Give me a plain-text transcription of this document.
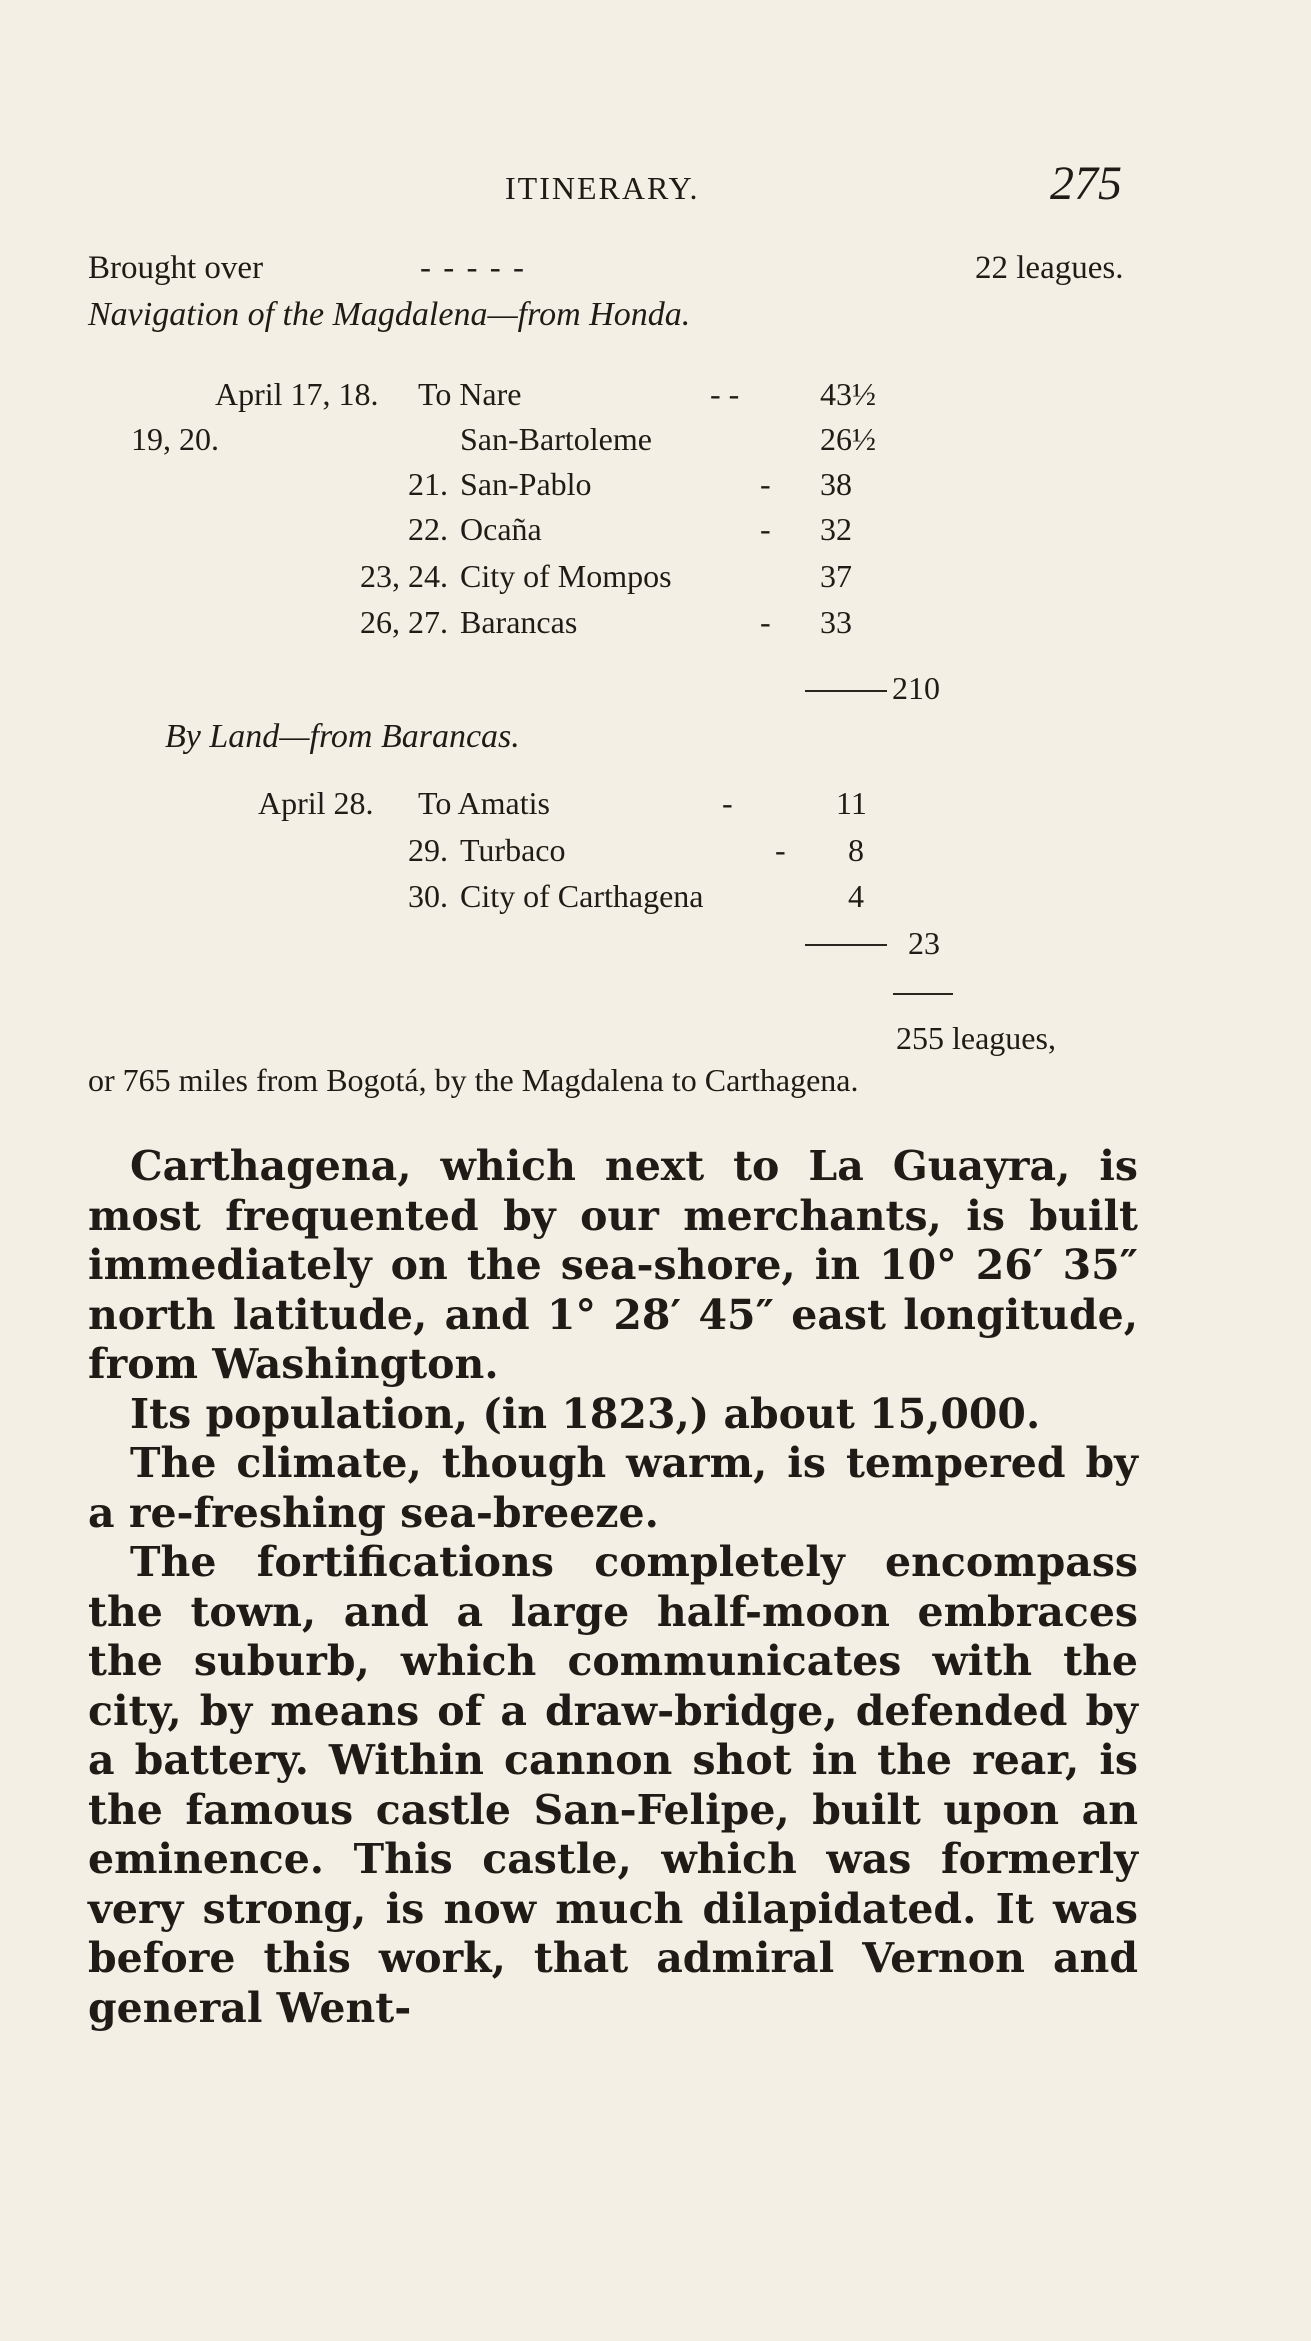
ITINERARY.	275
Brought over	- - - - -	22 leagues.
Navigation of the Magdalena—from Honda.
April 17, 18. To Nare	- -	43½
19, 20.	San-Bartoleme	26½
21. San-Pablo	- 38
22. Ocaña	- 32
23, 24. City of Mompos	37
26, 27. Barancas	- 33
210
By Land—from Barancas.
April 28. To Amatis	-	11
29. Turbaco	- 8
30. City of Carthagena	4
23
255 leagues,
or 765 miles from Bogotá, by the Magdalena to Carthagena.

Carthagena, which next to La Guayra, is most frequented by our merchants, is built immediately on the sea-shore, in 10° 26′ 35″ north latitude, and 1° 28′ 45″ east longitude, from Washington.

Its population, (in 1823,) about 15,000.

The climate, though warm, is tempered by a re-freshing sea-breeze.

The fortifications completely encompass the town, and a large half-moon embraces the suburb, which communicates with the city, by means of a draw-bridge, defended by a battery. Within cannon shot in the rear, is the famous castle San-Felipe, built upon an eminence. This castle, which was formerly very strong, is now much dilapidated. It was before this work, that admiral Vernon and general Went-
